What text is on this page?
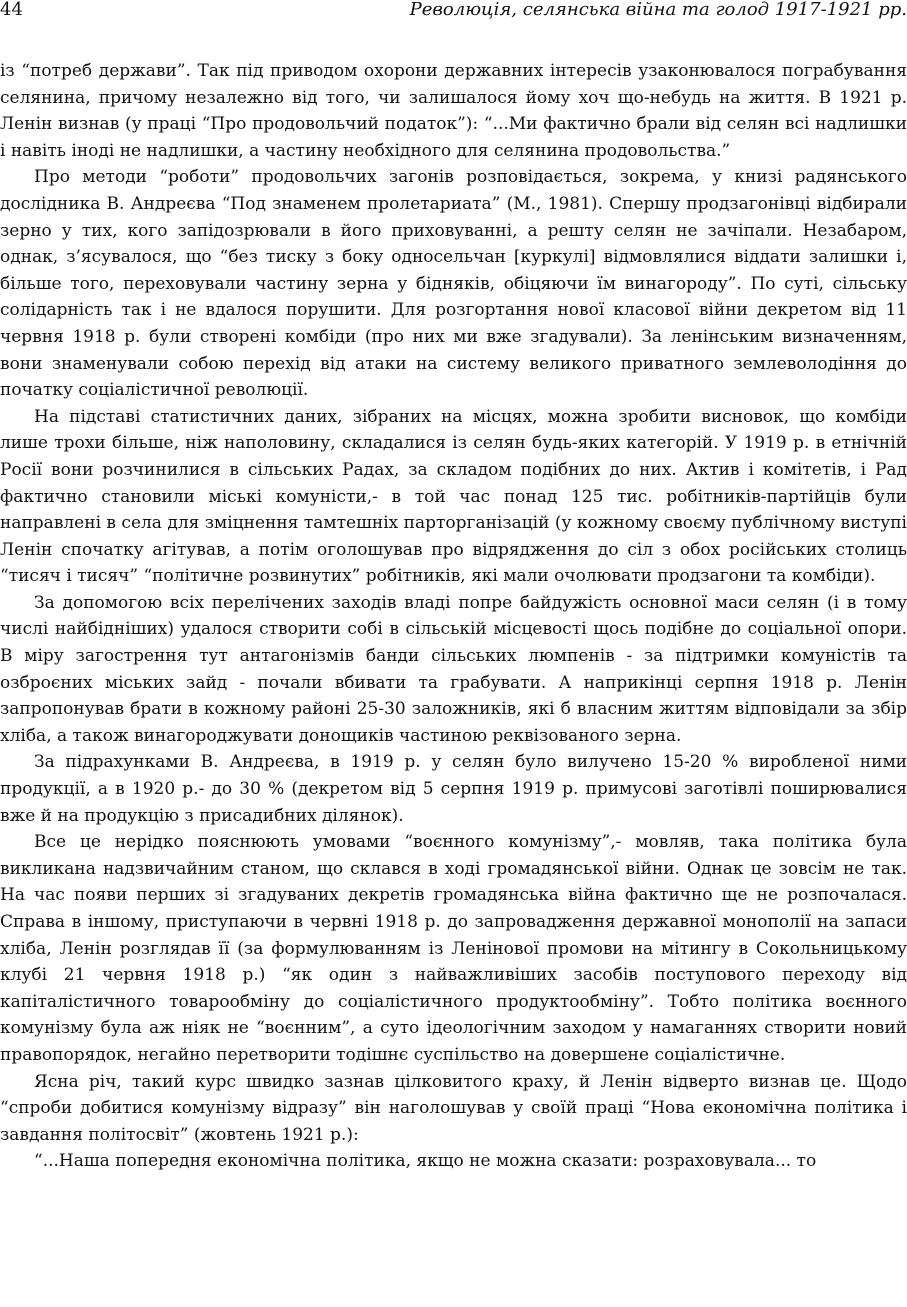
44	Революція, селянська війна та голод 1917-1921 рр.

із “потреб держави”. Так під приводом охорони державних інтересів узаконювалося пограбування селянина, причому незалежно від того, чи залишалося йому хоч що-небудь на життя. В 1921 р. Ленін визнав (у праці “Про продовольчий податок”): “...Ми фактично брали від селян всі надлишки і навіть іноді не надлишки, а частину необхідного для селянина продовольства.”

Про методи “роботи” продовольчих загонів розповідається, зокрема, у книзі радянського дослідника В. Андреєва “Под знаменем пролетариата” (М., 1981). Спершу продзагонівці відбирали зерно у тих, кого запідозрювали в його приховуванні, а решту селян не зачіпали. Незабаром, однак, з’ясувалося, що “без тиску з боку односельчан [куркулі] відмовлялися віддати залишки і, більше того, переховували частину зерна у бідняків, обіцяючи їм винагороду”. По суті, сільську солідарність так і не вдалося порушити. Для розгортання нової класової війни декретом від 11 червня 1918 р. були створені комбіди (про них ми вже згадували). За ленінським визначенням, вони знаменували собою перехід від атаки на систему великого приватного землеволодіння до початку соціалістичної революції.

На підставі статистичних даних, зібраних на місцях, можна зробити висновок, що комбіди лише трохи більше, ніж наполовину, складалися із селян будь-яких категорій. У 1919 р. в етнічній Росії вони розчинилися в сільських Радах, за складом подібних до них. Актив і комітетів, і Рад фактично становили міські комуністи,- в той час понад 125 тис. робітників-партійців були направлені в села для зміцнення тамтешніх парторганізацій (у кожному своєму публічному виступі Ленін спочатку агітував, а потім оголошував про відрядження до сіл з обох російських столиць “тисяч і тисяч” “політичне розвинутих” робітників, які мали очолювати продзагони та комбіди).

За допомогою всіх перелічених заходів владі попре байдужість основної маси селян (і в тому числі найбідніших) удалося створити собі в сільській місцевості щось подібне до соціальної опори. В міру загострення тут антагонізмів банди сільських люмпенів - за підтримки комуністів та озброєних міських зайд - почали вбивати та грабувати. А наприкінці серпня 1918 р. Ленін запропонував брати в кожному районі 25-30 заложників, які б власним життям відповідали за збір хліба, а також винагороджувати донощиків частиною реквізованого зерна.

За підрахунками В. Андреєва, в 1919 р. у селян було вилучено 15-20 % виробленої ними продукції, а в 1920 р.- до 30 % (декретом від 5 серпня 1919 р. примусові заготівлі поширювалися вже й на продукцію з присадибних ділянок).

Все це нерідко пояснюють умовами “воєнного комунізму”,- мовляв, така політика була викликана надзвичайним станом, що склався в ході громадянської війни. Однак це зовсім не так. На час появи перших зі згадуваних декретів громадянська війна фактично ще не розпочалася. Справа в іншому, приступаючи в червні 1918 р. до запровадження державної монополії на запаси хліба, Ленін розглядав її (за формулюванням із Ленінової промови на мітингу в Сокольницькому клубі 21 червня 1918 р.) “як один з найважливіших засобів поступового переходу від капіталістичного товарообміну до соціалістичного продуктообміну”. Тобто політика воєнного комунізму була аж ніяк не “воєнним”, а суто ідеологічним заходом у намаганнях створити новий правопорядок, негайно перетворити тодішнє суспільство на довершене соціалістичне.

Ясна річ, такий курс швидко зазнав цілковитого краху, й Ленін відверто визнав це. Щодо “спроби добитися комунізму відразу” він наголошував у своїй праці “Нова економічна політика і завдання політосвіт” (жовтень 1921 р.):

“...Наша попередня економічна політика, якщо не можна сказати: розраховувала... то
